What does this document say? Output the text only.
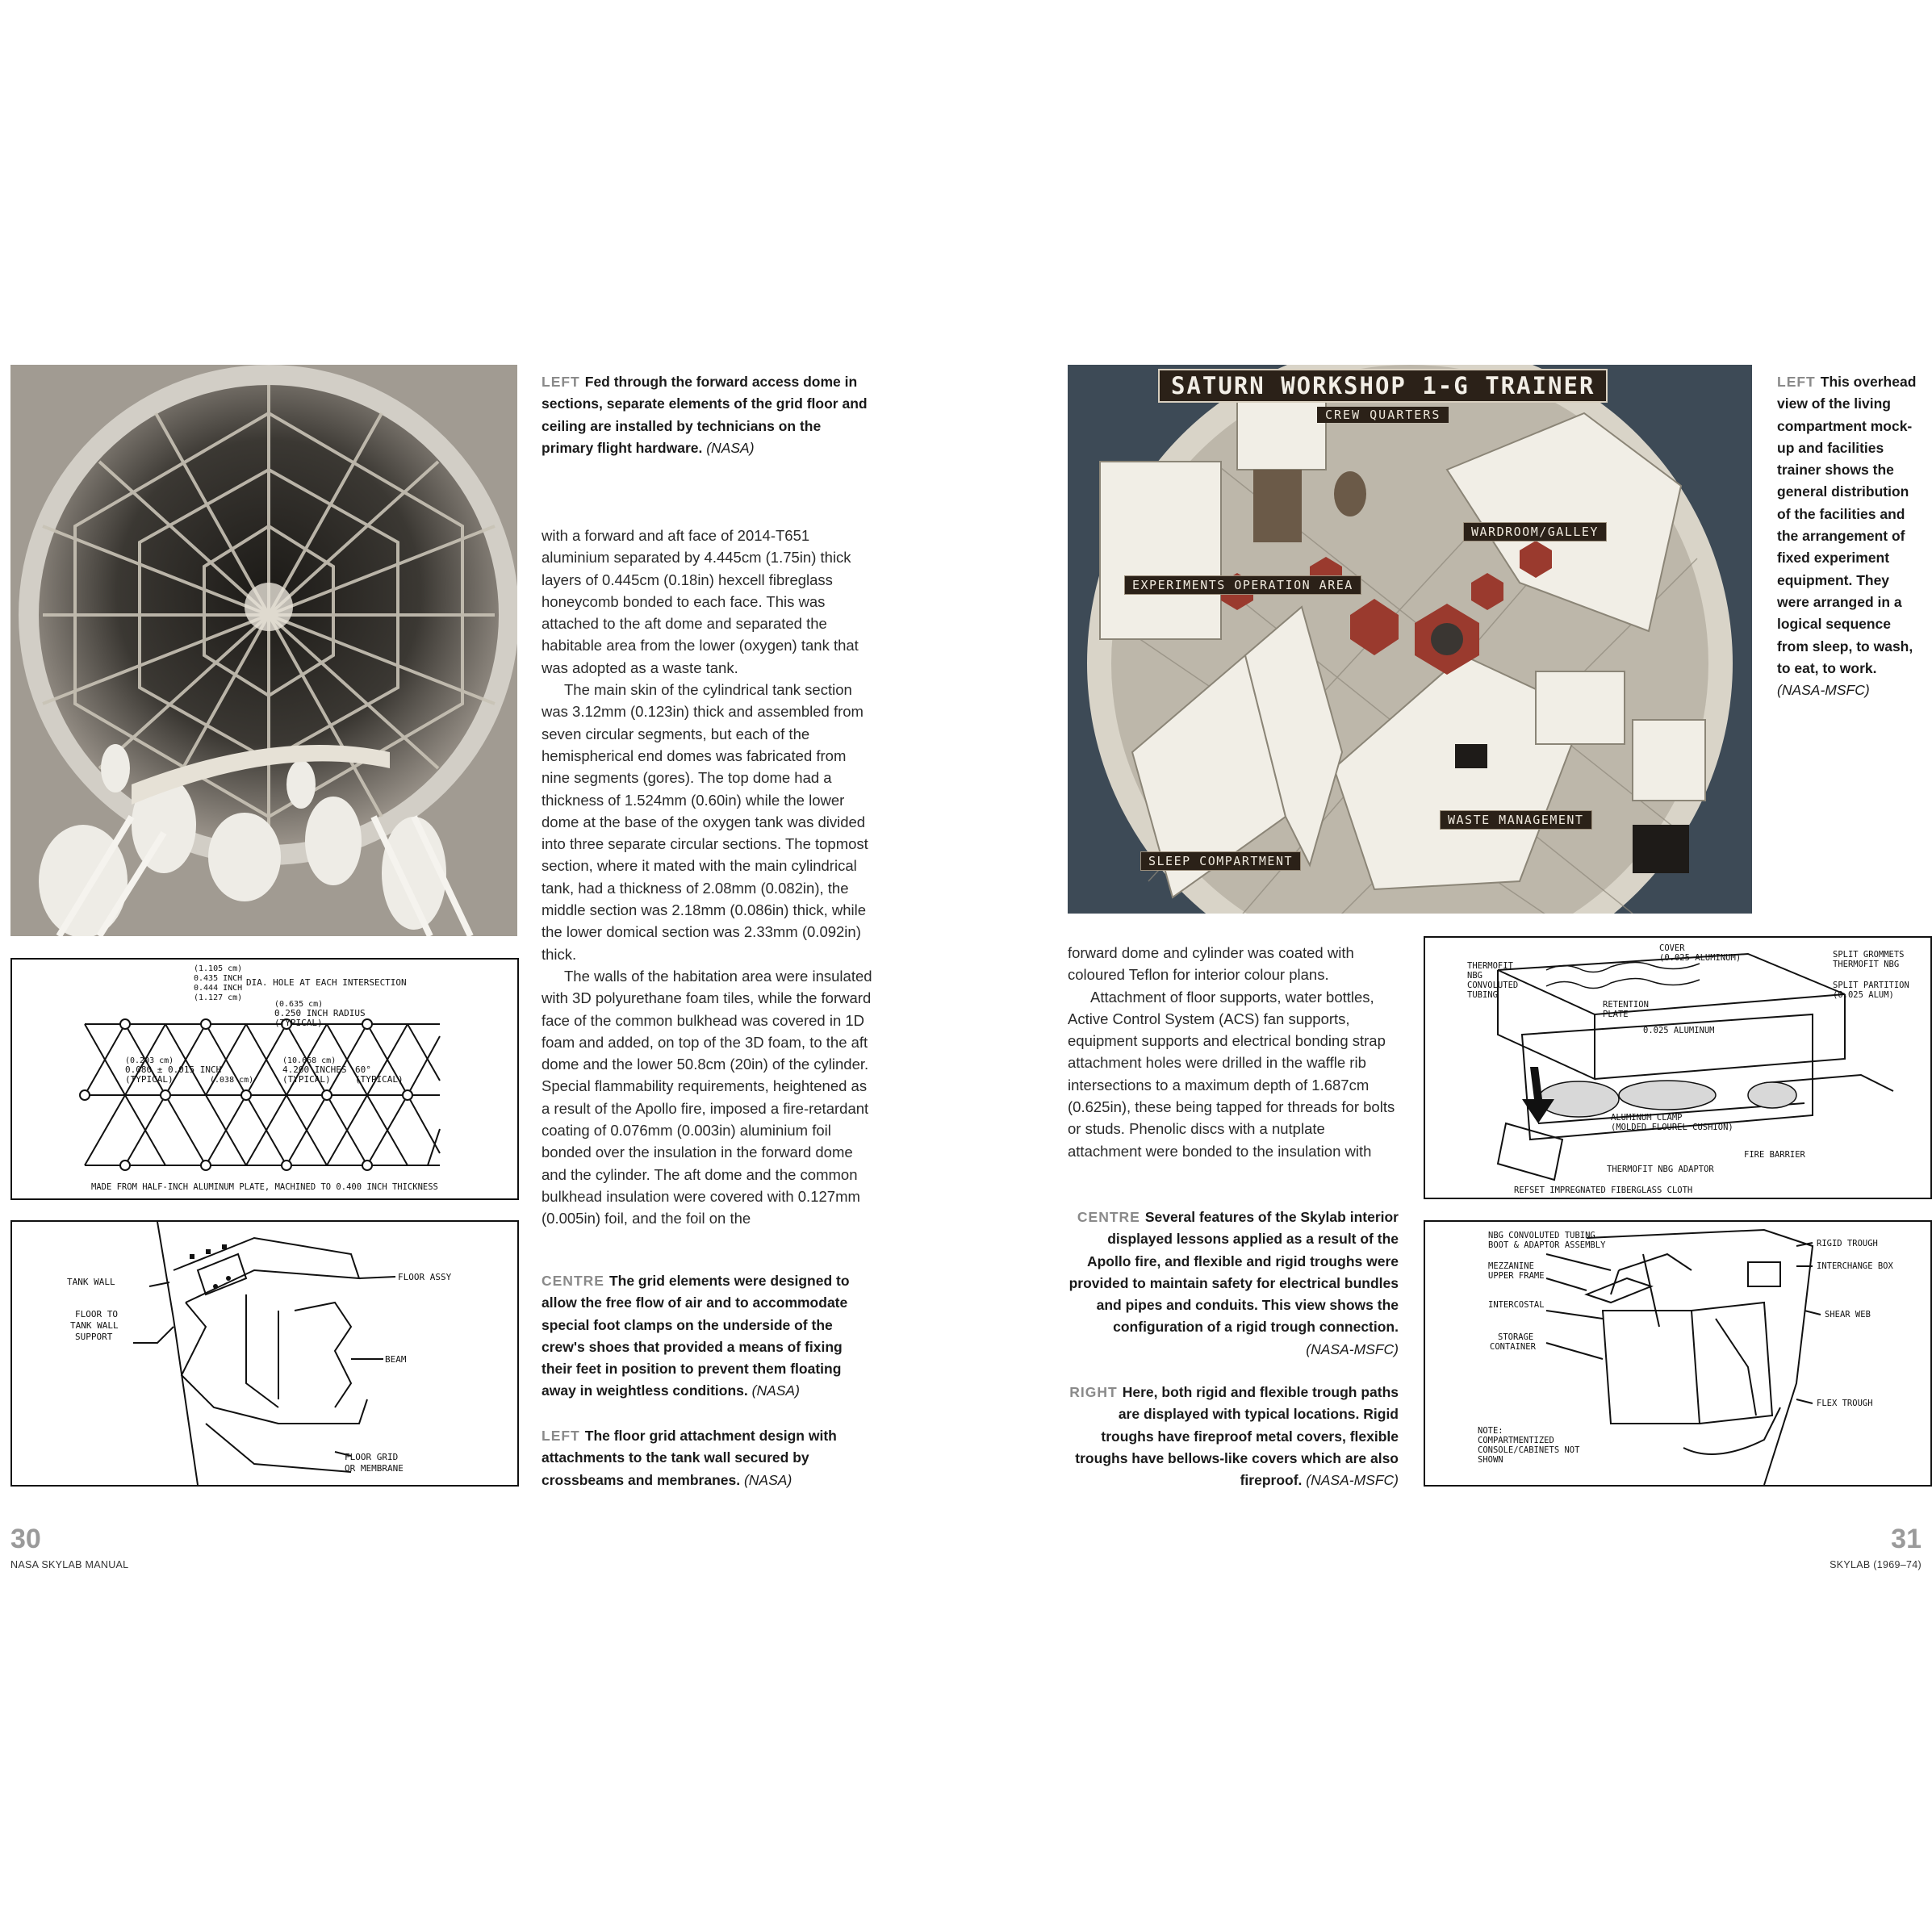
(1.105 cm)
0.435 INCH
0.444 INCH
(1.127 cm)
DIA. HOLE AT EACH INTERSECTION
(0.635 cm)
0.250 INCH RADIUS
(TYPICAL)
(0.203 cm)
0.080 ± 0.015 INCH
(TYPICAL)	(.038 cm)
(10.668 cm)
4.200 INCHES
(TYPICAL)
60°
(TYPICAL)
MADE FROM HALF-INCH ALUMINUM PLATE, MACHINED TO 0.400 INCH THICKNESS
TANK WALL
FLOOR TO
TANK WALL
SUPPORT
FLOOR ASSY
BEAM
FLOOR GRID
OR MEMBRANE
LEFT Fed through the forward access dome in sections, separate elements of the grid floor and ceiling are installed by technicians on the primary flight hardware. (NASA)

with a forward and aft face of 2014-T651 aluminium separated by 4.445cm (1.75in) thick layers of 0.445cm (0.18in) hexcell fibreglass honeycomb bonded to each face. This was attached to the aft dome and separated the habitable area from the lower (oxygen) tank that was adopted as a waste tank.

The main skin of the cylindrical tank section was 3.12mm (0.123in) thick and assembled from seven circular segments, but each of the hemispherical end domes was fabricated from nine segments (gores). The top dome had a thickness of 1.524mm (0.60in) while the lower dome at the base of the oxygen tank was divided into three separate circular sections. The topmost section, where it mated with the main cylindrical tank, had a thickness of 2.08mm (0.082in), the middle section was 2.18mm (0.086in) thick, while the lower domical section was 2.33mm (0.092in) thick.

The walls of the habitation area were insulated with 3D polyurethane foam tiles, while the forward face of the common bulkhead was covered in 1D foam and added, on top of the 3D foam, to the aft dome and the lower 50.8cm (20in) of the cylinder. Special flammability requirements, heightened as a result of the Apollo fire, imposed a fire-retardant coating of 0.076mm (0.003in) aluminium foil bonded over the insulation in the forward dome and the cylinder. The aft dome and the common bulkhead insulation were covered with 0.127mm (0.005in) foil, and the foil on the

CENTRE The grid elements were designed to allow the free flow of air and to accommodate special foot clamps on the underside of the crew's shoes that provided a means of fixing their feet in position to prevent them floating away in weightless conditions. (NASA)
LEFT The floor grid attachment design with attachments to the tank wall secured by crossbeams and membranes. (NASA)
30
NASA SKYLAB MANUAL
SATURN WORKSHOP 1-G TRAINER
CREW QUARTERS
WARDROOM/GALLEY
EXPERIMENTS OPERATION AREA
WASTE MANAGEMENT
SLEEP COMPARTMENT
LEFT This overhead view of the living compartment mock-up and facilities trainer shows the general distribution of the facilities and the arrangement of fixed experiment equipment. They were arranged in a logical sequence from sleep, to wash, to eat, to work. (NASA-MSFC)

forward dome and cylinder was coated with coloured Teflon for interior colour plans.

Attachment of floor supports, water bottles, Active Control System (ACS) fan supports, equipment supports and electrical bonding strap attachment holes were drilled in the waffle rib intersections to a maximum depth of 1.687cm (0.625in), these being tapped for threads for bolts or studs. Phenolic discs with a nutplate attachment were bonded to the insulation with

COVER
(0.025 ALUMINUM)
THERMOFIT
NBG
CONVOLUTED
TUBING
SPLIT GROMMETS
THERMOFIT NBG
SPLIT PARTITION
(0.025 ALUM)
RETENTION
PLATE
0.025 ALUMINUM
ALUMINUM CLAMP
(MOLDED FLOUREL CUSHION)
FIRE BARRIER
THERMOFIT NBG ADAPTOR
REFSET IMPREGNATED FIBERGLASS CLOTH
NBG CONVOLUTED TUBING
BOOT & ADAPTOR ASSEMBLY
MEZZANINE
UPPER FRAME
INTERCOSTAL
STORAGE
CONTAINER
RIGID TROUGH
INTERCHANGE BOX
SHEAR WEB
FLEX TROUGH
NOTE:
COMPARTMENTIZED
CONSOLE/CABINETS NOT
SHOWN
CENTRE Several features of the Skylab interior displayed lessons applied as a result of the Apollo fire, and flexible and rigid troughs were provided to maintain safety for electrical bundles and pipes and conduits. This view shows the configuration of a rigid trough connection. (NASA-MSFC)
RIGHT Here, both rigid and flexible trough paths are displayed with typical locations. Rigid troughs have fireproof metal covers, flexible troughs have bellows-like covers which are also fireproof. (NASA-MSFC)
31
SKYLAB (1969–74)
